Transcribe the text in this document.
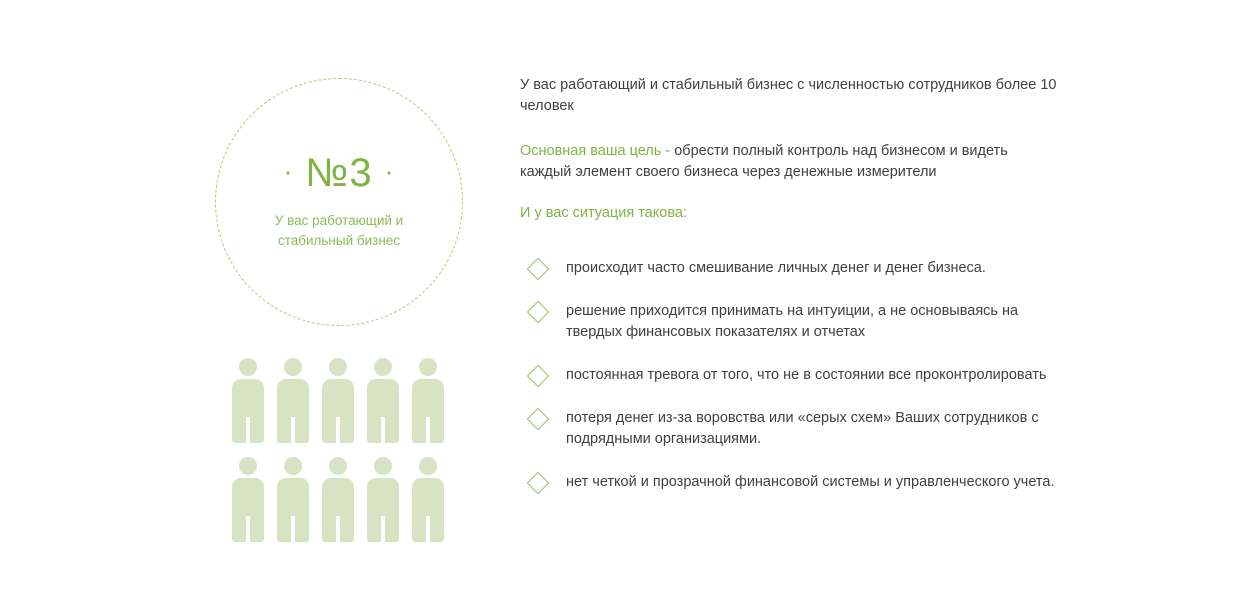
· №3 ·
У вас работающий и стабильный бизнес

У вас работающий и стабильный бизнес с численностью сотрудников более 10 человек

Основная ваша цель - обрести полный контроль над бизнесом и видеть каждый элемент своего бизнеса через денежные измерители

И у вас ситуация такова:

происходит часто смешивание личных денег и денег бизнеса.
решение приходится принимать на интуиции, а не основываясь на твердых финансовых показателях и отчетах
постоянная тревога от того, что не в состоянии все проконтролировать
потеря денег из-за воровства или «серых схем» Ваших сотрудников с подрядными организациями.
нет четкой и прозрачной финансовой системы и управленческого учета.
